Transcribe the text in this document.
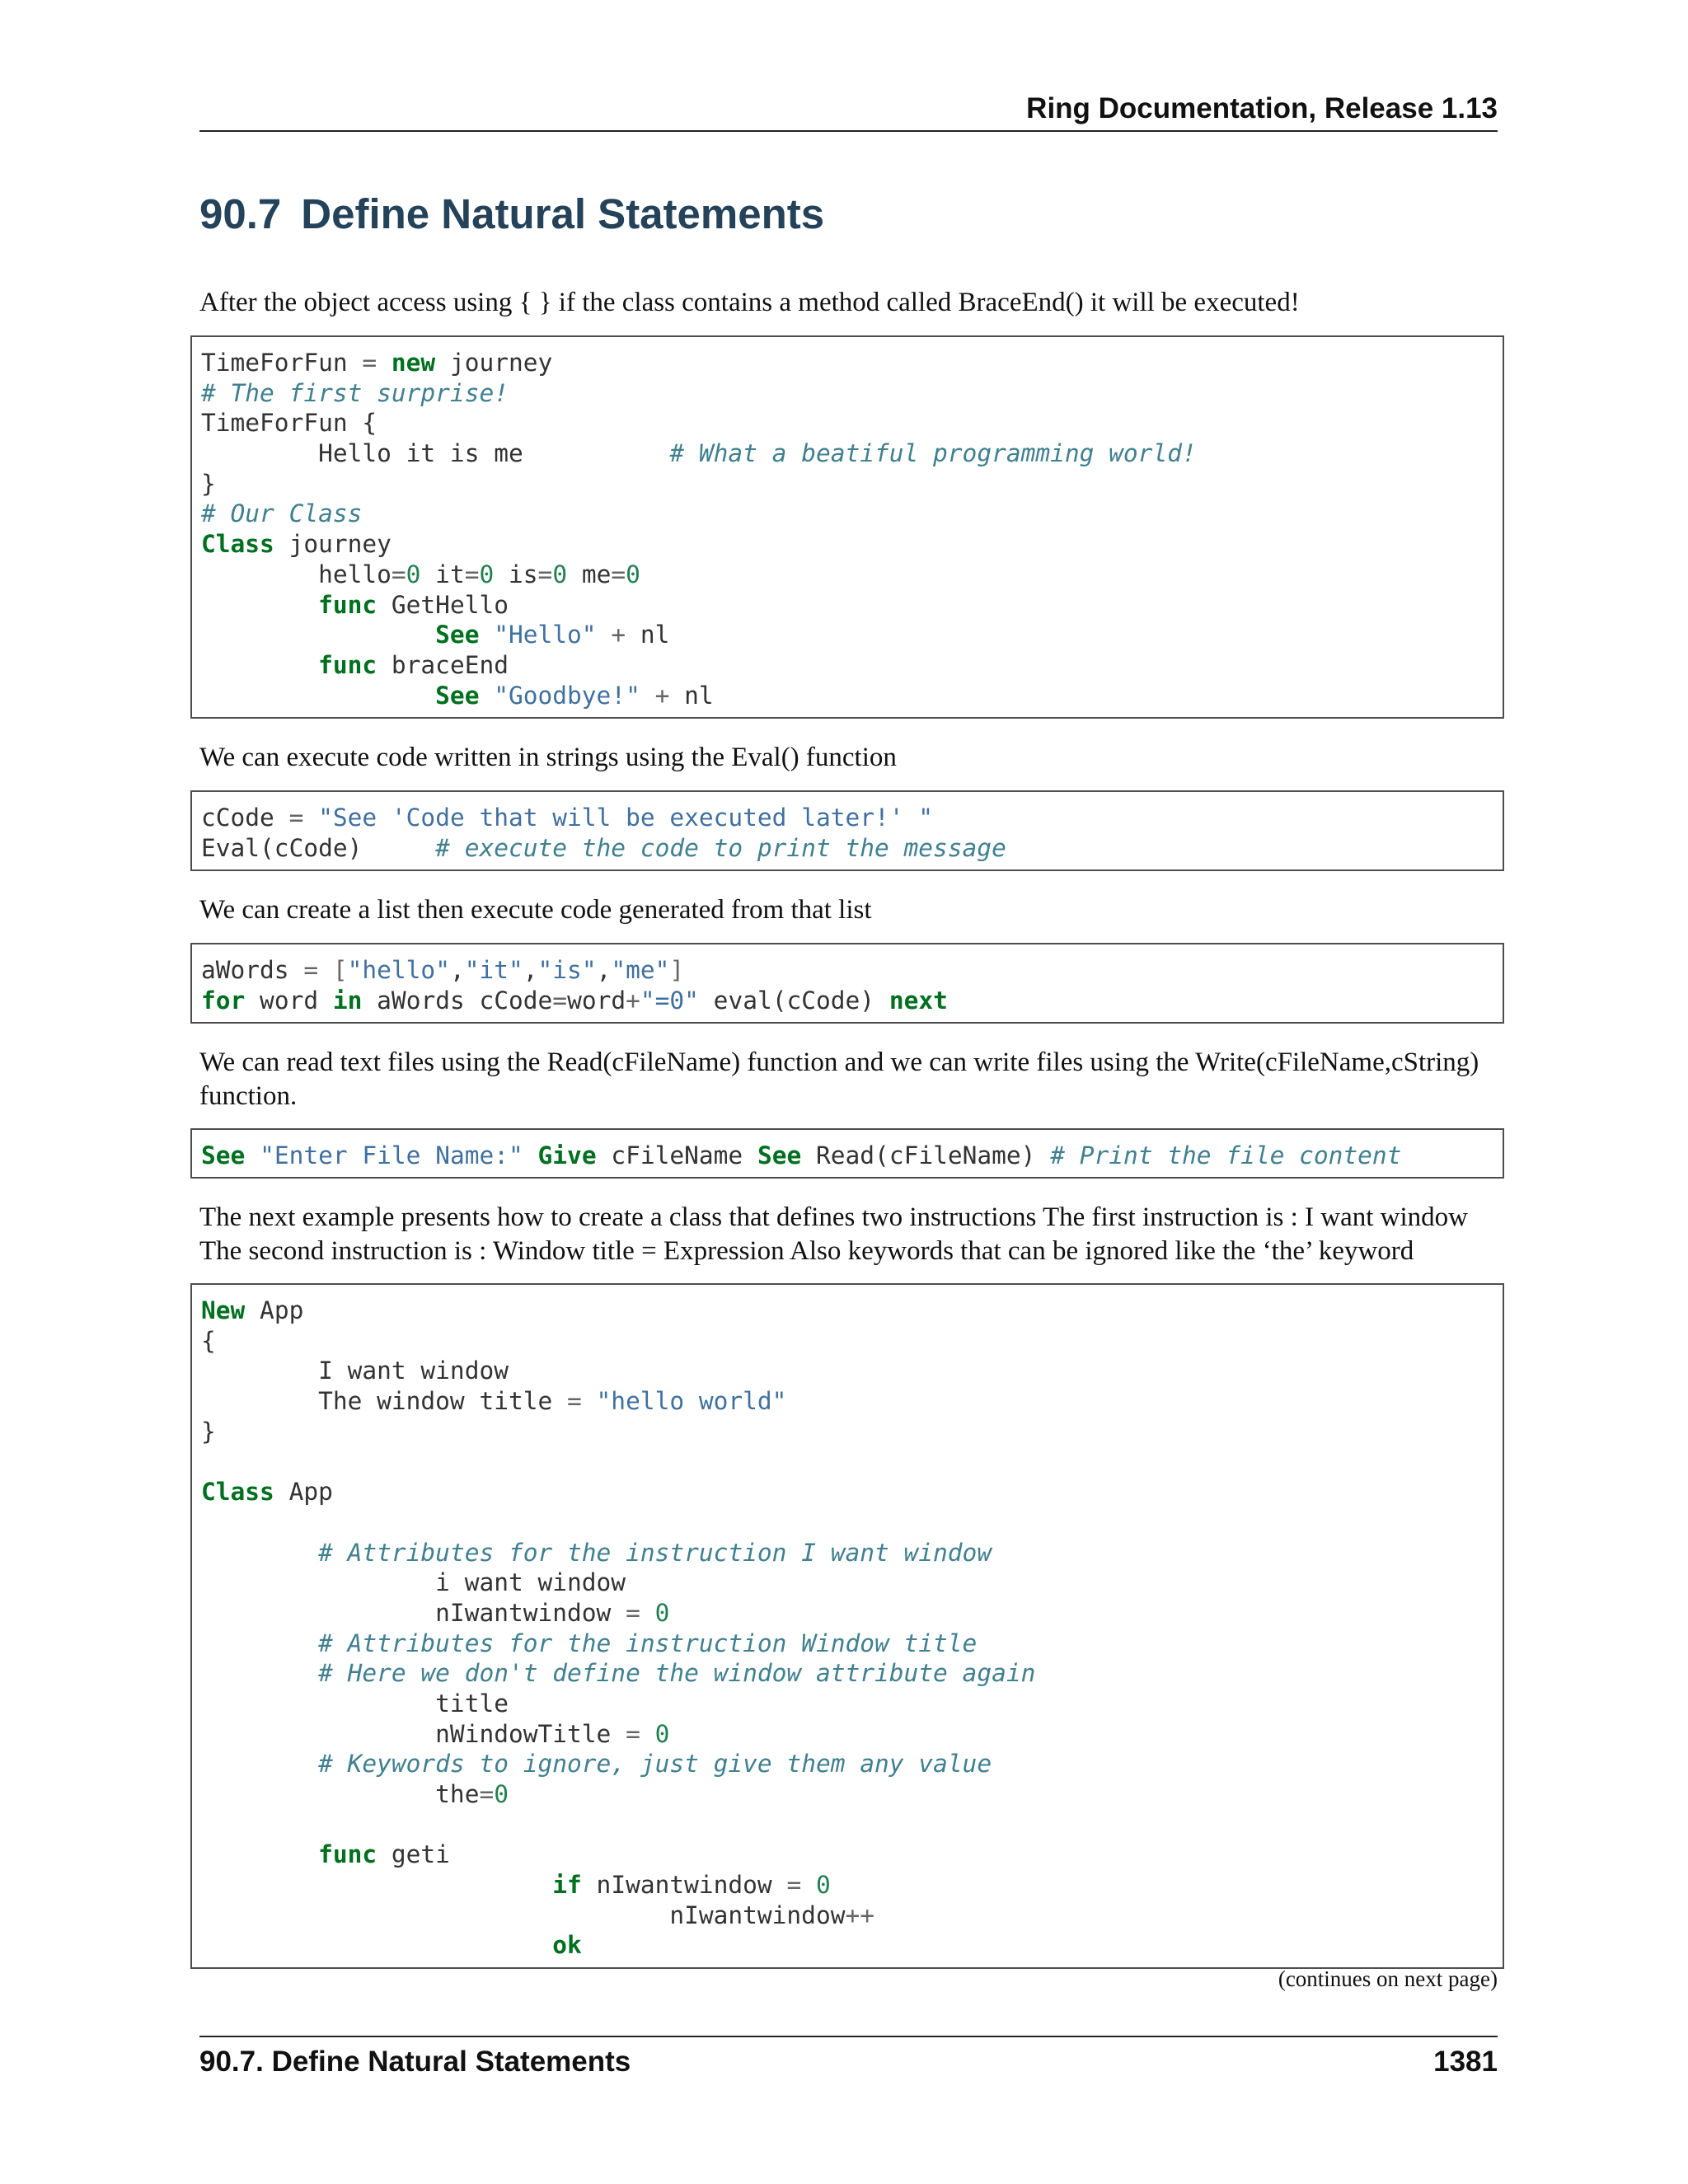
Ring Documentation, Release 1.13
90.7 Define Natural Statements
After the object access using { } if the class contains a method called BraceEnd() it will be executed!
TimeForFun = new journey
# The first surprise!
TimeForFun {
Hello it is me          # What a beatiful programming world!
}
# Our Class
Class journey
hello=0 it=0 is=0 me=0
func GetHello
See "Hello" + nl
func braceEnd
See "Goodbye!" + nl
We can execute code written in strings using the Eval() function
cCode = "See 'Code that will be executed later!' "
Eval(cCode)     # execute the code to print the message
We can create a list then execute code generated from that list
aWords = ["hello","it","is","me"]
for word in aWords cCode=word+"=0" eval(cCode) next
We can read text files using the Read(cFileName) function and we can write files using the Write(cFileName,cString) function.
See "Enter File Name:" Give cFileName See Read(cFileName) # Print the file content
The next example presents how to create a class that defines two instructions The first instruction is : I want window The second instruction is : Window title = Expression Also keywords that can be ignored like the ‘the’ keyword
New App
{
I want window
The window title = "hello world"
}
Class App
# Attributes for the instruction I want window
i want window
nIwantwindow = 0
# Attributes for the instruction Window title
# Here we don't define the window attribute again
title
nWindowTitle = 0
# Keywords to ignore, just give them any value
the=0
func geti
if nIwantwindow = 0
nIwantwindow++
ok
(continues on next page)
90.7. Define Natural Statements	1381
